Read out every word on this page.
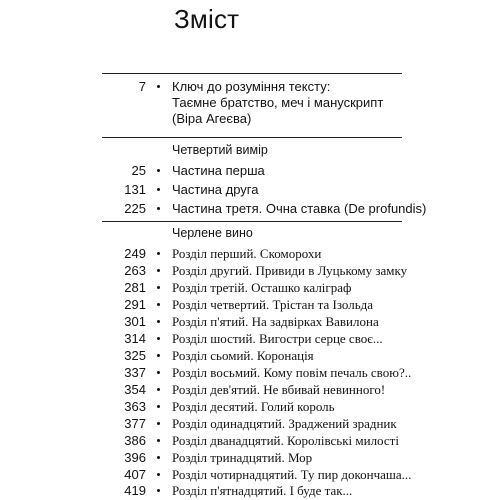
Зміст
7 Ключ до розуміння тексту:
Таємне братство, меч і манускрипт
(Віра Агеєва)
Четвертий вимір
25 Частина перша
131 Частина друга
225 Частина третя. Очна ставка (De profundis)
Черлене вино
249 Розділ перший. Скоморохи
263 Розділ другий. Привиди в Луцькому замку
281 Розділ третій. Осташко каліграф
291 Розділ четвертий. Трістан та Ізольда
301 Розділ п'ятий. На задвірках Вавилона
314 Розділ шостий. Вигостри серце своє...
325 Розділ сьомий. Коронація
337 Розділ восьмий. Кому повім печаль свою?..
354 Розділ дев'ятий. Не вбивай невинного!
363 Розділ десятий. Голий король
377 Розділ одинадцятий. Зраджений зрадник
386 Розділ дванадцятий. Королівські милості
396 Розділ тринадцятий. Мор
407 Розділ чотирнадцятий. Ту пир докончаша...
419 Розділ п'ятнадцятий. І буде так...
